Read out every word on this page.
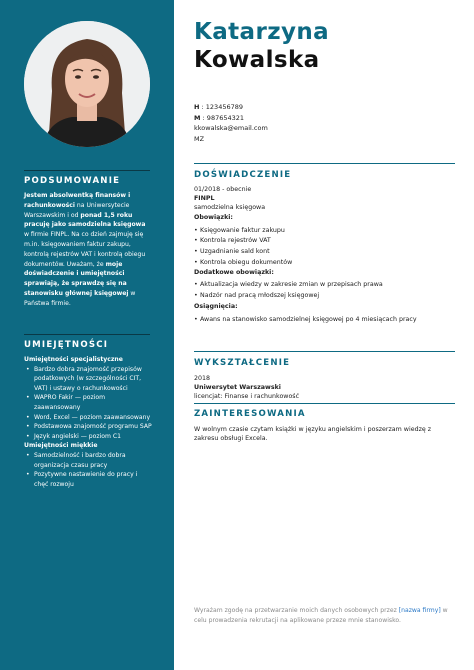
PODSUMOWANIE
Jestem absolwentką finansów i rachunkowości na Uniwersytecie Warszawskim i od ponad 1,5 roku pracuję jako samodzielna księgowa w firmie FINPL. Na co dzień zajmuję się m.in. księgowaniem faktur zakupu, kontrolą rejestrów VAT i kontrolą obiegu dokumentów. Uważam, że moje doświadczenie i umiejętności sprawiają, że sprawdzę się na stanowisku głównej księgowej w Państwa firmie.
UMIEJĘTNOŚCI
Umiejętności specjalistyczne
• Bardzo dobra znajomość przepisów podatkowych (w szczególności CIT, VAT) i ustawy o rachunkowości
• WAPRO Fakir — poziom zaawansowany
• Word, Excel — poziom zaawansowany
• Podstawowa znajomość programu SAP
• Język angielski — poziom C1
Umiejętności miękkie
• Samodzielność i bardzo dobra organizacja czasu pracy
• Pozytywne nastawienie do pracy i chęć rozwoju
Katarzyna
Kowalska
H : 123456789
M : 987654321
kkowalska@email.com
MZ
DOŚWIADCZENIE
01/2018 - obecnie
FINPL
samodzielna księgowa
Obowiązki:
• Księgowanie faktur zakupu
• Kontrola rejestrów VAT
• Uzgadnianie sald kont
• Kontrola obiegu dokumentów
Dodatkowe obowiązki:
• Aktualizacja wiedzy w zakresie zmian w przepisach prawa
• Nadzór nad pracą młodszej księgowej
Osiągnięcia:
• Awans na stanowisko samodzielnej księgowej po 4 miesiącach pracy
WYKSZTAŁCENIE
2018
Uniwersytet Warszawski
licencjat: Finanse i rachunkowość
ZAINTERESOWANIA
W wolnym czasie czytam książki w języku angielskim i poszerzam wiedzę z zakresu obsługi Excela.
Wyrażam zgodę na przetwarzanie moich danych osobowych przez [nazwa firmy] w celu prowadzenia rekrutacji na aplikowane przeze mnie stanowisko.
